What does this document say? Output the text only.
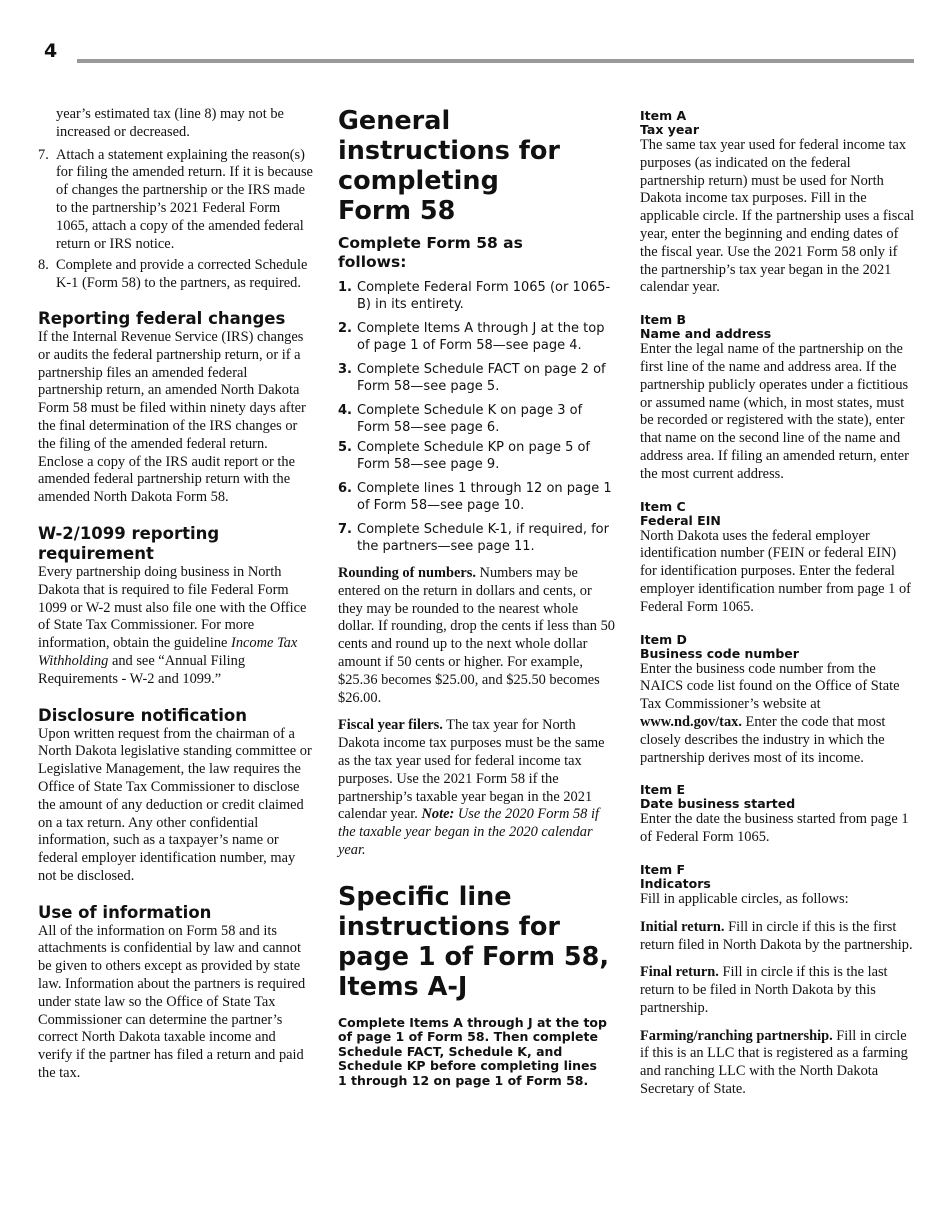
4

year’s estimated tax (line 8) may not be increased or decreased.

7. Attach a statement explaining the reason(s) for filing the amended return. If it is because of changes the partnership or the IRS made to the partnership’s 2021 Federal Form 1065, attach a copy of the amended federal return or IRS notice.
8. Complete and provide a corrected Schedule K-1 (Form 58) to the partners, as required.
Reporting federal changes

If the Internal Revenue Service (IRS) changes or audits the federal partnership return, or if a partnership files an amended federal partnership return, an amended North Dakota Form 58 must be filed within ninety days after the final determination of the IRS changes or the filing of the amended federal return. Enclose a copy of the IRS audit report or the amended federal partnership return with the amended North Dakota Form 58.

W-2/1099 reporting requirement

Every partnership doing business in North Dakota that is required to file Federal Form 1099 or W-2 must also file one with the Office of State Tax Commissioner. For more information, obtain the guideline Income Tax Withholding and see “Annual Filing Requirements - W-2 and 1099.”

Disclosure notification

Upon written request from the chairman of a North Dakota legislative standing committee or Legislative Management, the law requires the Office of State Tax Commissioner to disclose the amount of any deduction or credit claimed on a tax return. Any other confidential information, such as a taxpayer’s name or federal employer identification number, may not be disclosed.

Use of information

All of the information on Form 58 and its attachments is confidential by law and cannot be given to others except as provided by state law. Information about the partners is required under state law so the Office of State Tax Commissioner can determine the partner’s correct North Dakota taxable income and verify if the partner has filed a return and paid the tax.

General instructions for completing Form 58
Complete Form 58 as follows:
1. Complete Federal Form 1065 (or 1065-B) in its entirety.
2. Complete Items A through J at the top of page 1 of Form 58—see page 4.
3. Complete Schedule FACT on page 2 of Form 58—see page 5.
4. Complete Schedule K on page 3 of Form 58—see page 6.
5. Complete Schedule KP on page 5 of Form 58—see page 9.
6. Complete lines 1 through 12 on page 1 of Form 58—see page 10.
7. Complete Schedule K-1, if required, for the partners—see page 11.

Rounding of numbers. Numbers may be entered on the return in dollars and cents, or they may be rounded to the nearest whole dollar. If rounding, drop the cents if less than 50 cents and round up to the next whole dollar amount if 50 cents or higher. For example, $25.36 becomes $25.00, and $25.50 becomes $26.00.

Fiscal year filers. The tax year for North Dakota income tax purposes must be the same as the tax year used for federal income tax purposes. Use the 2021 Form 58 if the partnership’s taxable year began in the 2021 calendar year. Note: Use the 2020 Form 58 if the taxable year began in the 2020 calendar year.

Specific line instructions for page 1 of Form 58, Items A-J

Complete Items A through J at the top of page 1 of Form 58. Then complete Schedule FACT, Schedule K, and Schedule KP before completing lines 1 through 12 on page 1 of Form 58.

Item A
Tax year

The same tax year used for federal income tax purposes (as indicated on the federal partnership return) must be used for North Dakota income tax purposes. Fill in the applicable circle. If the partnership uses a fiscal year, enter the beginning and ending dates of the fiscal year. Use the 2021 Form 58 only if the partnership’s tax year began in the 2021 calendar year.

Item B
Name and address

Enter the legal name of the partnership on the first line of the name and address area. If the partnership publicly operates under a fictitious or assumed name (which, in most states, must be recorded or registered with the state), enter that name on the second line of the name and address area. If filing an amended return, enter the most current address.

Item C
Federal EIN

North Dakota uses the federal employer identification number (FEIN or federal EIN) for identification purposes. Enter the federal employer identification number from page 1 of Federal Form 1065.

Item D
Business code number

Enter the business code number from the NAICS code list found on the Office of State Tax Commissioner’s website at www.nd.gov/tax. Enter the code that most closely describes the industry in which the partnership derives most of its income.

Item E
Date business started

Enter the date the business started from page 1 of Federal Form 1065.

Item F
Indicators

Fill in applicable circles, as follows:

Initial return. Fill in circle if this is the first return filed in North Dakota by the partnership.

Final return. Fill in circle if this is the last return to be filed in North Dakota by this partnership.

Farming/ranching partnership. Fill in circle if this is an LLC that is registered as a farming and ranching LLC with the North Dakota Secretary of State.
